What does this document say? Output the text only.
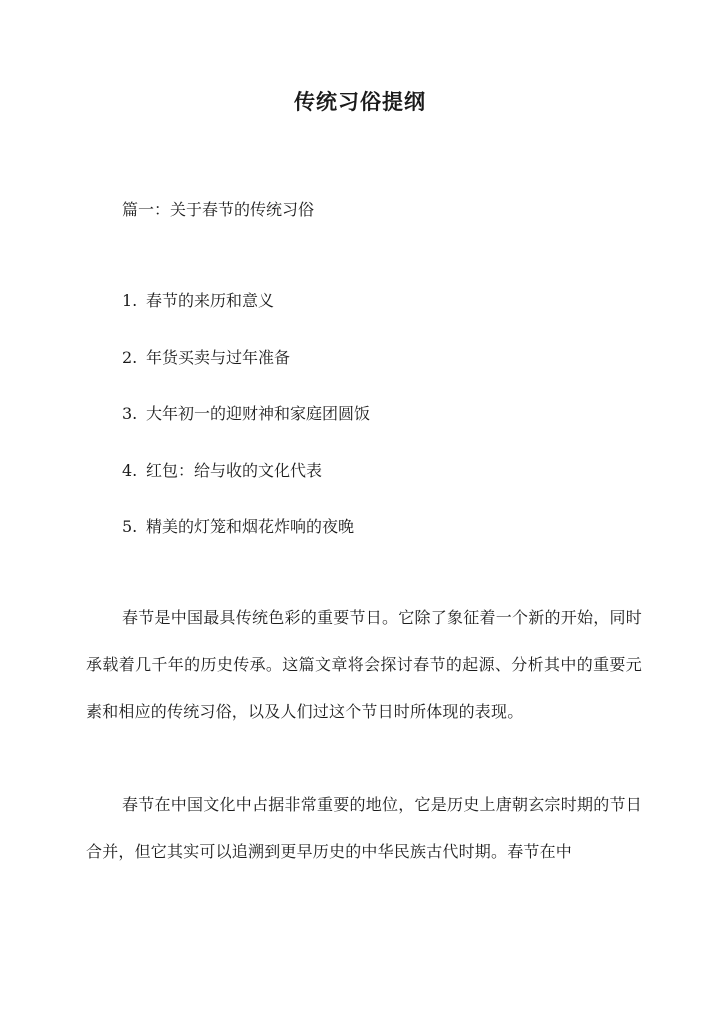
传统习俗提纲
篇一：关于春节的传统习俗
1. 春节的来历和意义
2. 年货买卖与过年准备
3. 大年初一的迎财神和家庭团圆饭
4. 红包：给与收的文化代表
5. 精美的灯笼和烟花炸响的夜晚

春节是中国最具传统色彩的重要节日。它除了象征着一个新的开始，同时承载着几千年的历史传承。这篇文章将会探讨春节的起源、分析其中的重要元素和相应的传统习俗，以及人们过这个节日时所体现的表现。

春节在中国文化中占据非常重要的地位，它是历史上唐朝玄宗时期的节日合并，但它其实可以追溯到更早历史的中华民族古代时期。春节在中
